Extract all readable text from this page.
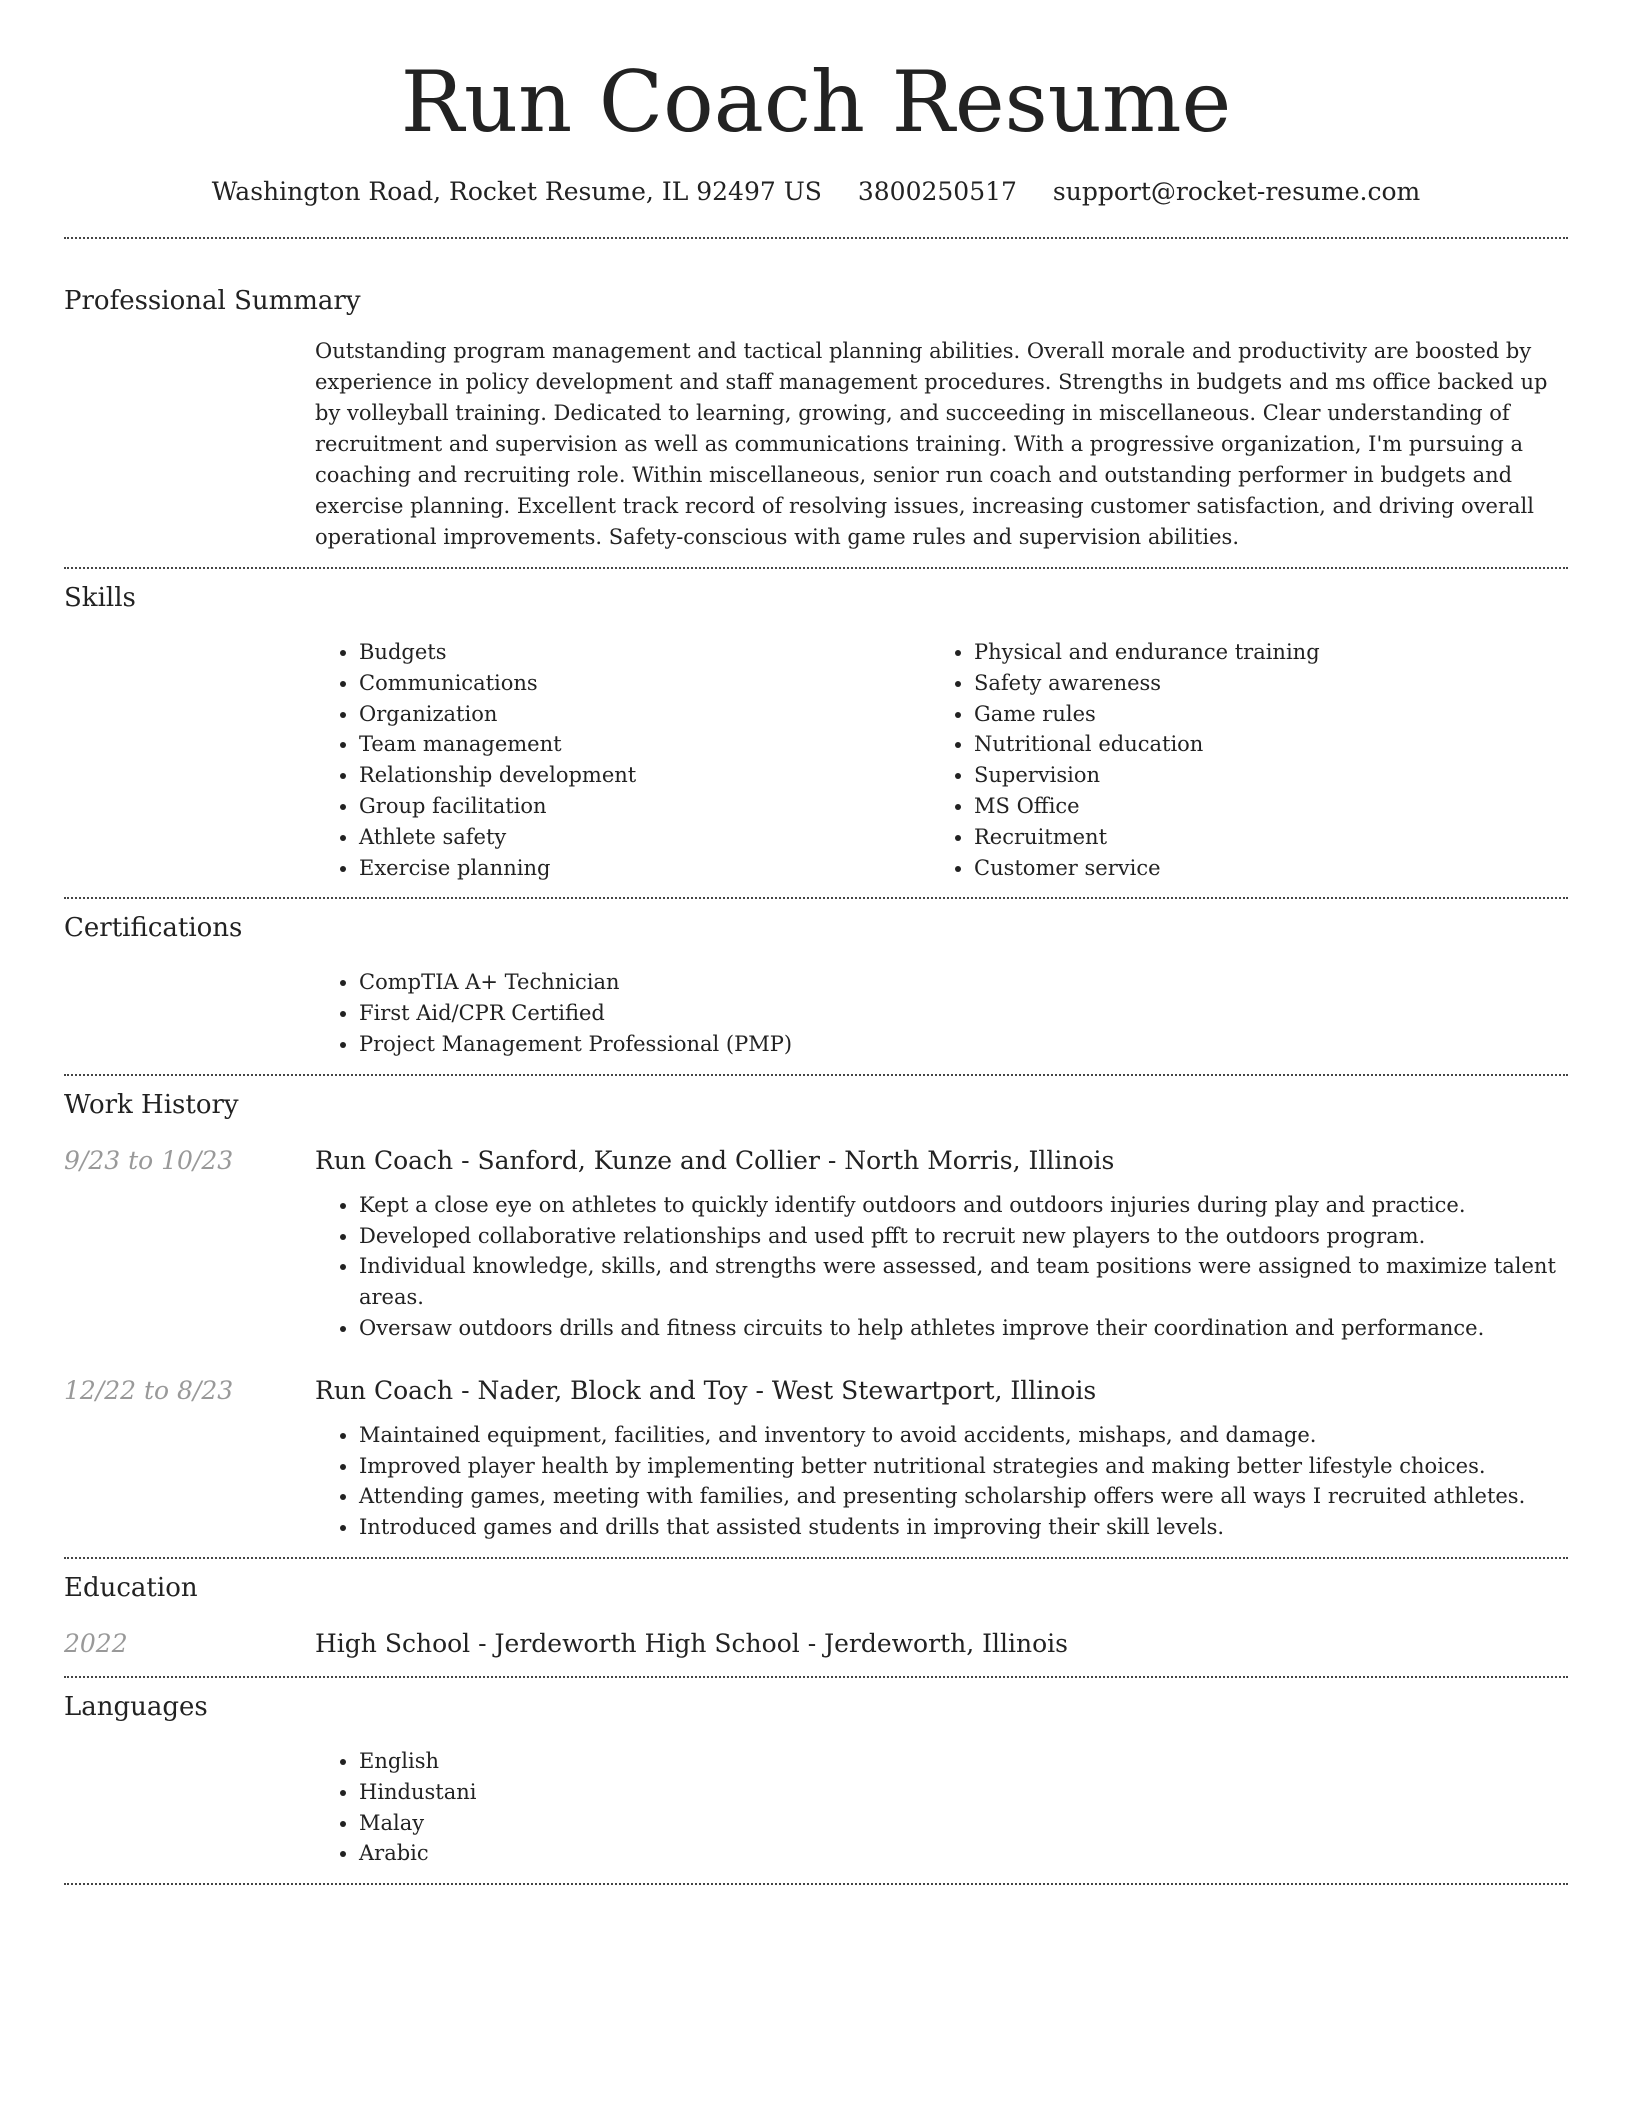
Run Coach Resume
Washington Road, Rocket Resume, IL 92497 US 3800250517 support@rocket-resume.com
Professional Summary

Outstanding program management and tactical planning abilities. Overall morale and productivity are boosted by experience in policy development and staff management procedures. Strengths in budgets and ms office backed up by volleyball training. Dedicated to learning, growing, and succeeding in miscellaneous. Clear understanding of recruitment and supervision as well as communications training. With a progressive organization, I'm pursuing a coaching and recruiting role. Within miscellaneous, senior run coach and outstanding performer in budgets and exercise planning. Excellent track record of resolving issues, increasing customer satisfaction, and driving overall operational improvements. Safety-conscious with game rules and supervision abilities.

Skills
• Budgets
• Communications
• Organization
• Team management
• Relationship development
• Group facilitation
• Athlete safety
• Exercise planning
• Physical and endurance training
• Safety awareness
• Game rules
• Nutritional education
• Supervision
• MS Office
• Recruitment
• Customer service
Certifications
• CompTIA A+ Technician
• First Aid/CPR Certified
• Project Management Professional (PMP)
Work History
9/23 to 10/23	Run Coach - Sanford, Kunze and Collier - North Morris, Illinois
• Kept a close eye on athletes to quickly identify outdoors and outdoors injuries during play and practice.
• Developed collaborative relationships and used pfft to recruit new players to the outdoors program.
• Individual knowledge, skills, and strengths were assessed, and team positions were assigned to maximize talent areas.
• Oversaw outdoors drills and fitness circuits to help athletes improve their coordination and performance.
12/22 to 8/23	Run Coach - Nader, Block and Toy - West Stewartport, Illinois
• Maintained equipment, facilities, and inventory to avoid accidents, mishaps, and damage.
• Improved player health by implementing better nutritional strategies and making better lifestyle choices.
• Attending games, meeting with families, and presenting scholarship offers were all ways I recruited athletes.
• Introduced games and drills that assisted students in improving their skill levels.
Education
2022	High School - Jerdeworth High School - Jerdeworth, Illinois
Languages
• English
• Hindustani
• Malay
• Arabic
